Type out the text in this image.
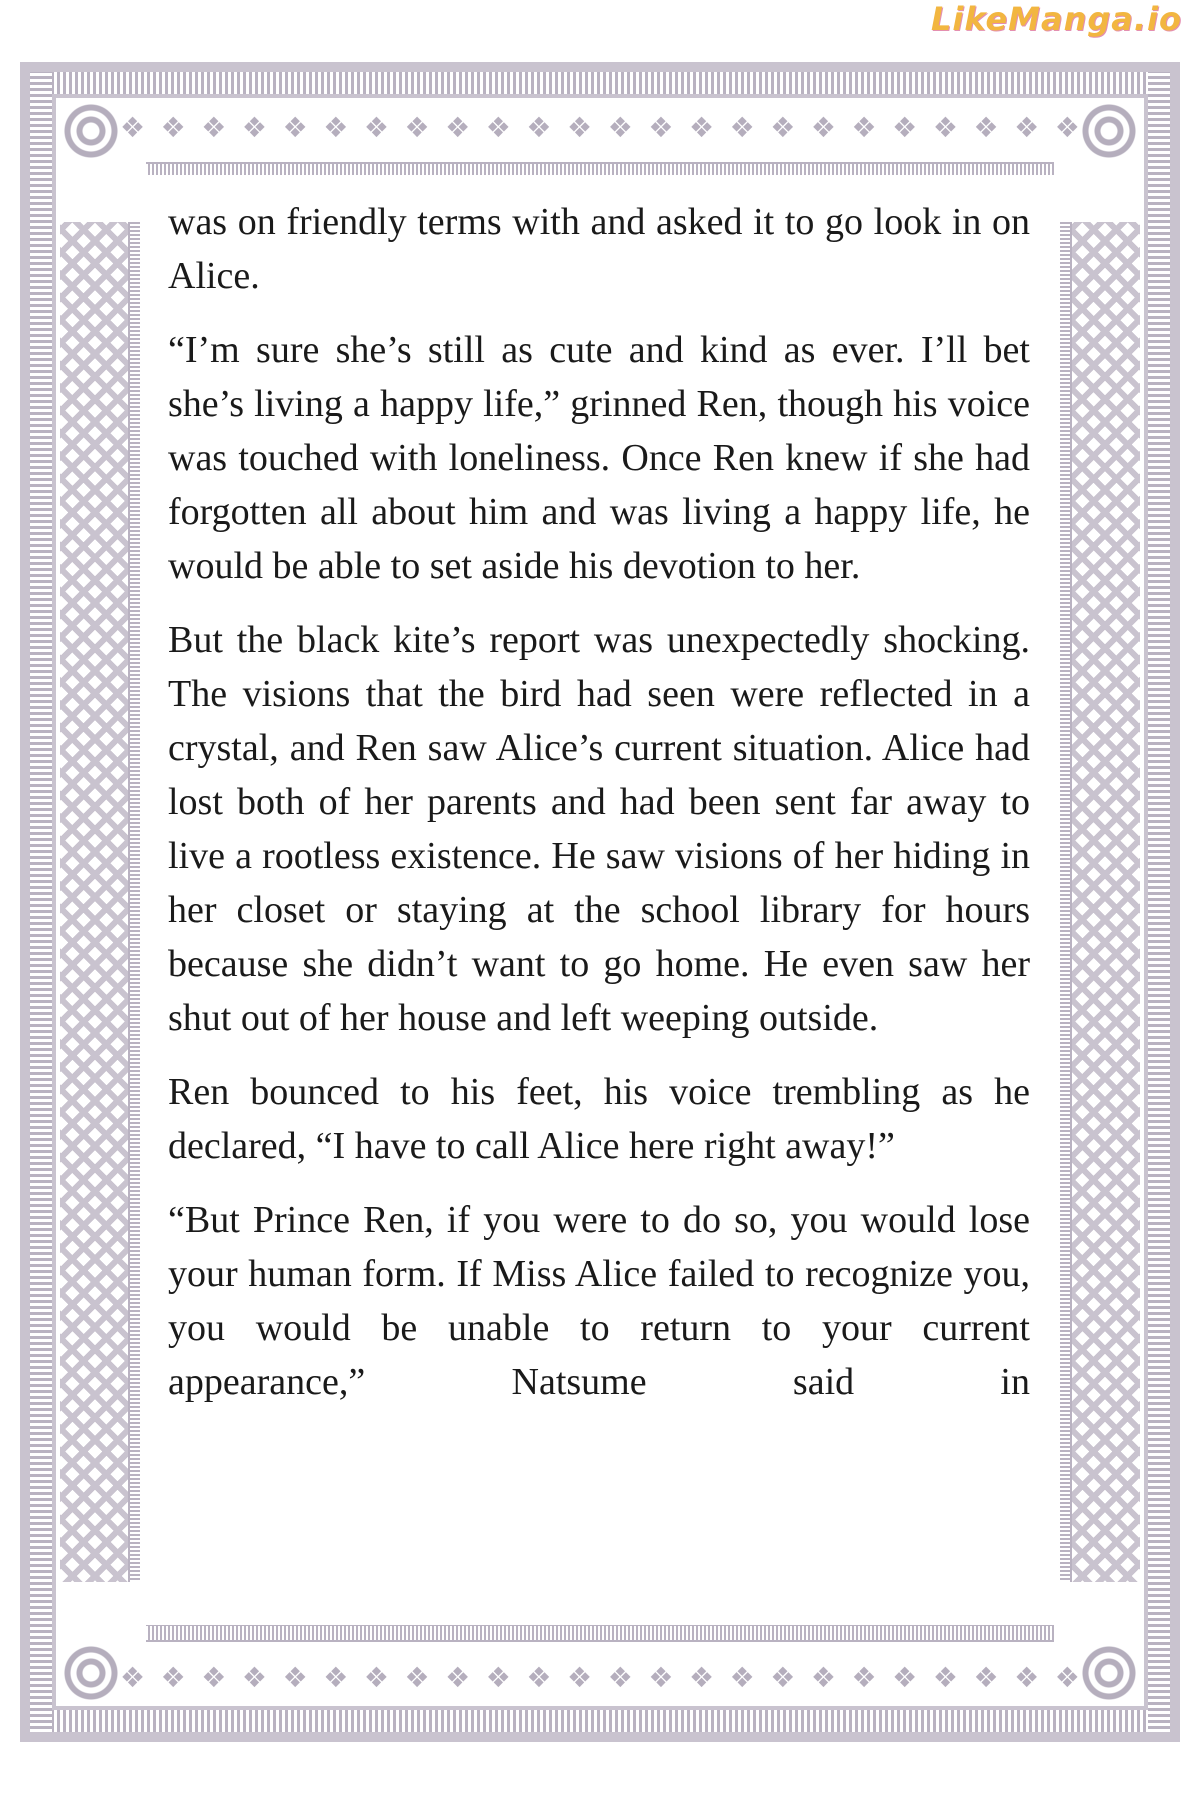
LikeManga.io
❖ ❖ ❖ ❖ ❖ ❖ ❖ ❖ ❖ ❖ ❖ ❖ ❖ ❖ ❖ ❖ ❖ ❖ ❖ ❖ ❖ ❖ ❖ ❖
❖ ❖ ❖ ❖ ❖ ❖ ❖ ❖ ❖ ❖ ❖ ❖ ❖ ❖ ❖ ❖ ❖ ❖ ❖ ❖ ❖ ❖ ❖ ❖

was on friendly terms with and asked it to go look in on Alice.

“I’m sure she’s still as cute and kind as ever. I’ll bet she’s living a happy life,” grinned Ren, though his voice was touched with loneliness. Once Ren knew if she had forgotten all about him and was living a happy life, he would be able to set aside his devotion to her.

But the black kite’s report was unexpectedly shocking. The visions that the bird had seen were reflected in a crystal, and Ren saw Alice’s current situation. Alice had lost both of her parents and had been sent far away to live a rootless existence. He saw visions of her hiding in her closet or staying at the school library for hours because she didn’t want to go home. He even saw her shut out of her house and left weeping outside.

Ren bounced to his feet, his voice trembling as he declared, “I have to call Alice here right away!”

“But Prince Ren, if you were to do so, you would lose your human form. If Miss Alice failed to recognize you, you would be unable to return to your current appearance,” Natsume said in
